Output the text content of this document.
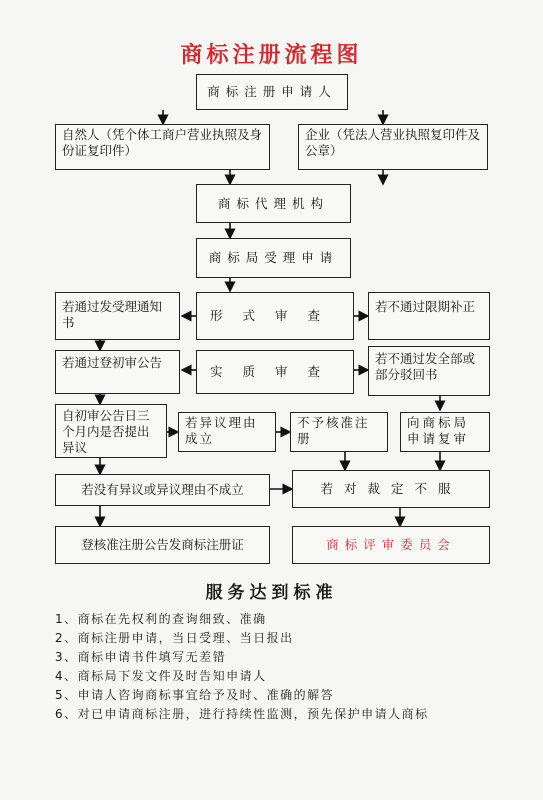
商标注册流程图
商标注册申请人
自然人（凭个体工商户营业执照及身份证复印件）
企业（凭法人营业执照复印件及公章）
商标代理机构
商标局受理申请
若通过发受理通知书	形式审查
若不通过限期补正
若通过登初审公告
实质审查
若不通过发全部或部分驳回书
自初审公告日三个月内是否提出异议
若异议理由成立
不予核准注册
向商标局申请复审
若没有异议或异议理由不成立	若对裁定不服
登核准注册公告发商标注册证	商标评审委员会
服务达到标准
1、商标在先权利的查询细致、准确
2、商标注册申请，当日受理、当日报出
3、商标申请书件填写无差错
4、商标局下发文件及时告知申请人
5、申请人咨询商标事宜给予及时、准确的解答
6、对已申请商标注册，进行持续性监测，预先保护申请人商标
